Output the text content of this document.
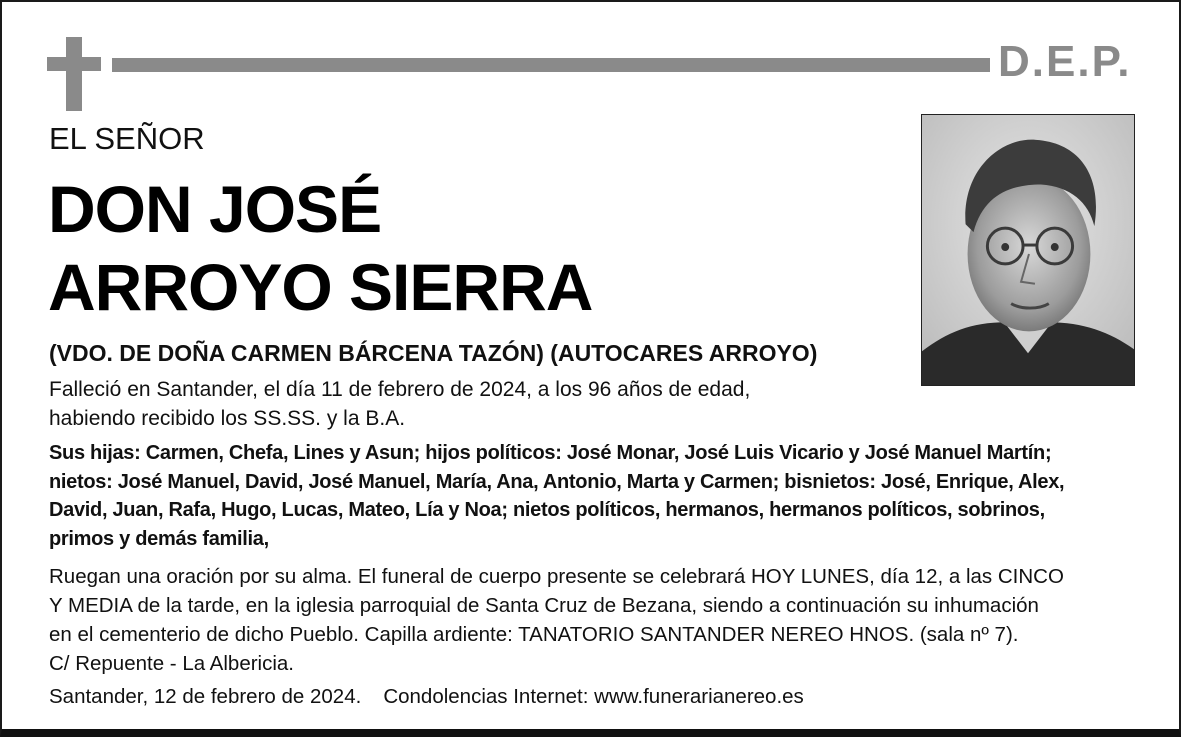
D.E.P.
EL SEÑOR
DON JOSÉ
ARROYO SIERRA
(VDO. DE DOÑA CARMEN BÁRCENA TAZÓN) (AUTOCARES ARROYO)
Falleció en Santander, el día 11 de febrero de 2024, a los 96 años de edad,
habiendo recibido los SS.SS. y la B.A.
Sus hijas: Carmen, Chefa, Lines y Asun; hijos políticos: José Monar, José Luis Vicario y José Manuel Martín;
nietos: José Manuel, David, José Manuel, María, Ana, Antonio, Marta y Carmen; bisnietos: José, Enrique, Alex,
David, Juan, Rafa, Hugo, Lucas, Mateo, Lía y Noa; nietos políticos, hermanos, hermanos políticos, sobrinos,
primos y demás familia,
Ruegan una oración por su alma. El funeral de cuerpo presente se celebrará HOY LUNES, día 12, a las CINCO
Y MEDIA de la tarde, en la iglesia parroquial de Santa Cruz de Bezana, siendo a continuación su inhumación
en el cementerio de dicho Pueblo. Capilla ardiente: TANATORIO SANTANDER NEREO HNOS. (sala nº 7).
C/ Repuente - La Albericia.
Santander, 12 de febrero de 2024. Condolencias Internet: www.funerarianereo.es
